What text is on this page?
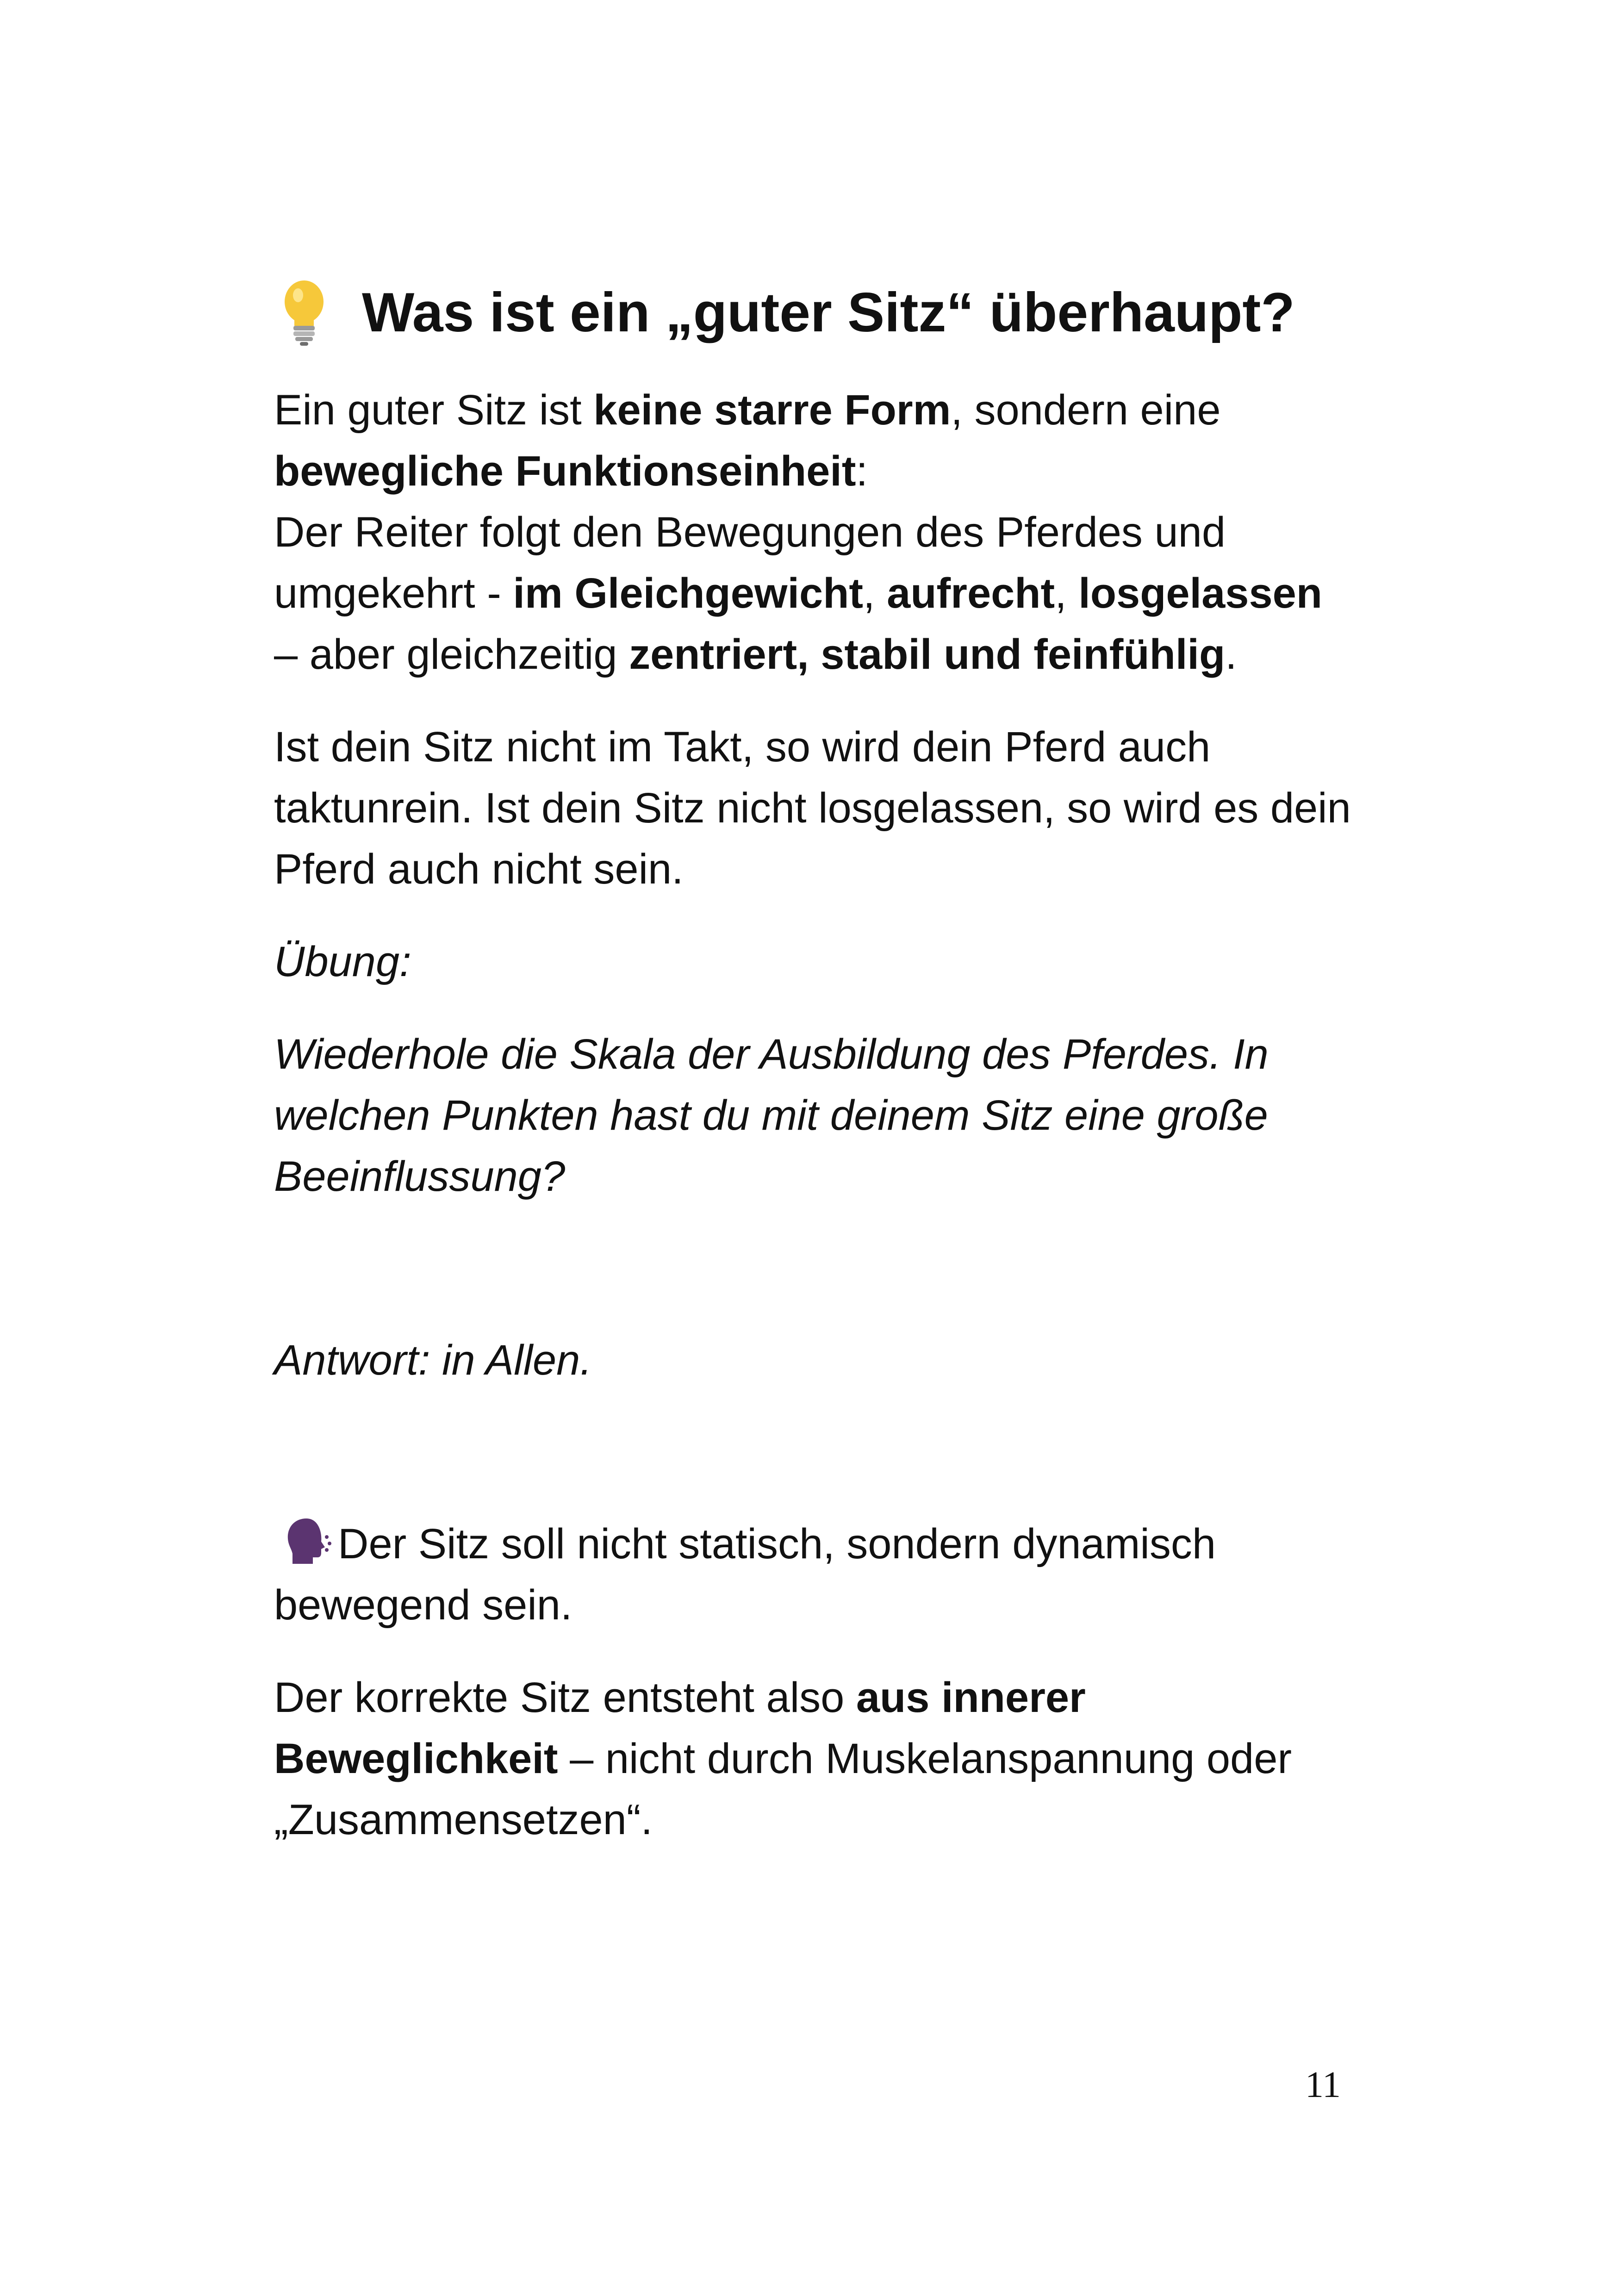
Was ist ein „guter Sitz“ überhaupt?

Ein guter Sitz ist keine starre Form, sondern eine
bewegliche Funktionseinheit:
Der Reiter folgt den Bewegungen des Pferdes und umgekehrt - im Gleichgewicht, aufrecht, losgelassen – aber gleichzeitig zentriert, stabil und feinfühlig.

Ist dein Sitz nicht im Takt, so wird dein Pferd auch taktunrein. Ist dein Sitz nicht losgelassen, so wird es dein Pferd auch nicht sein.

Übung:

Wiederhole die Skala der Ausbildung des Pferdes. In welchen Punkten hast du mit deinem Sitz eine große Beeinflussung?

Antwort: in Allen.

Der Sitz soll nicht statisch, sondern dynamisch bewegend sein.

Der korrekte Sitz entsteht also aus innerer Beweglichkeit – nicht durch Muskelanspannung oder „Zusammensetzen“.

11
